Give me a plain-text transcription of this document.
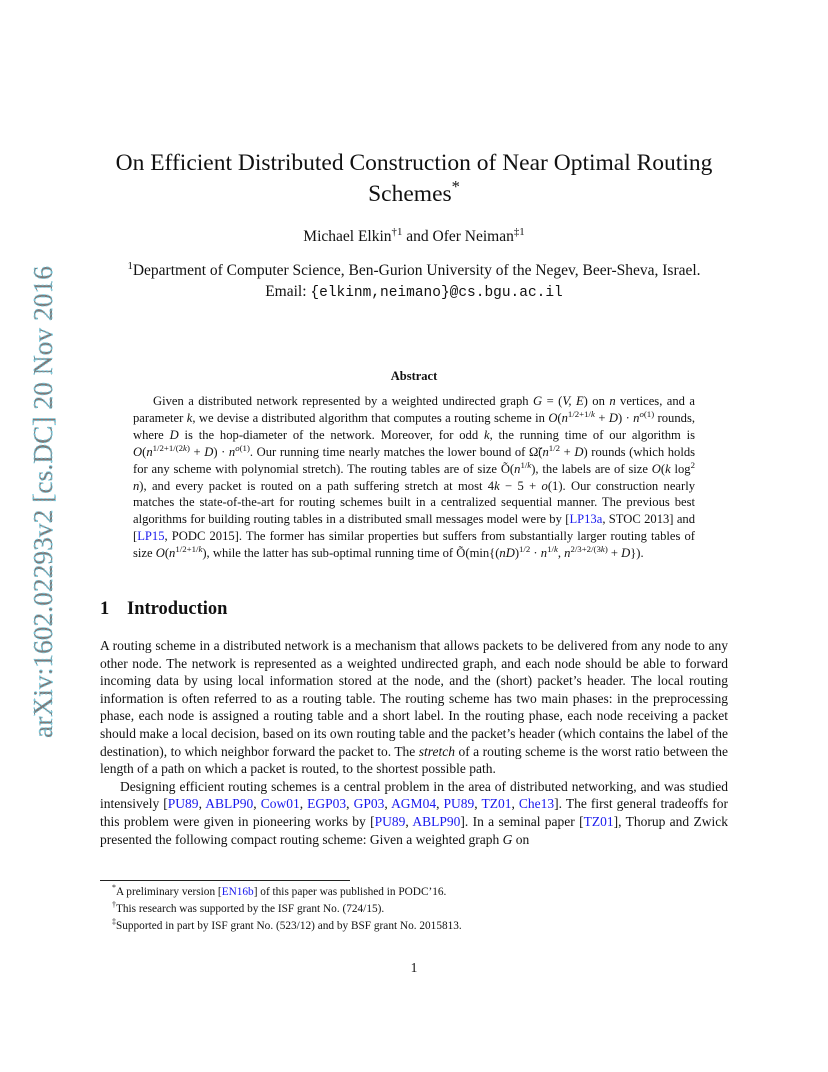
arXiv:1602.02293v2 [cs.DC] 20 Nov 2016
On Efficient Distributed Construction of Near Optimal Routing
Schemes*
Michael Elkin$^{\dagger 1}$ and Ofer Neiman$^{\ddagger 1}$
$^1$Department of Computer Science, Ben-Gurion University of the Negev, Beer-Sheva, Israel.
Email: {elkinm,neimano}@cs.bgu.ac.il
Abstract

Given a distributed network represented by a weighted undirected graph G = (V, E) on n vertices, and a parameter k, we devise a distributed algorithm that computes a routing scheme in $O(n^{1/2+1/k} + D) \cdot n^{o(1)}$ rounds, where D is the hop-diameter of the network. Moreover, for odd k, the running time of our algorithm is $O(n^{1/2+1/(2k)} + D) \cdot n^{o(1)}$. Our running time nearly matches the lower bound of $\Omegã(n^{1/2} + D)$ rounds (which holds for any scheme with polynomial stretch). The routing tables are of size $Õ(n^{1/k})$, the labels are of size O(k $\log^2 n$), and every packet is routed on a path suffering stretch at most 4k − 5 + o(1). Our construction nearly matches the state-of-the-art for routing schemes built in a centralized sequential manner. The previous best algorithms for building routing tables in a distributed small messages model were by [LP13a, STOC 2013] and [LP15, PODC 2015]. The former has similar properties but suffers from substantially larger routing tables of size $O(n^{1/2+1/k})$, while the latter has sub-optimal running time of Õ(min{(nD)$^{1/2}$ · $n^{1/k}$, $n^{2/3+2/(3k)} + D$}).

1 Introduction

A routing scheme in a distributed network is a mechanism that allows packets to be delivered from any node to any other node. The network is represented as a weighted undirected graph, and each node should be able to forward incoming data by using local information stored at the node, and the (short) packet’s header. The local routing information is often referred to as a routing table. The routing scheme has two main phases: in the preprocessing phase, each node is assigned a routing table and a short label. In the routing phase, each node receiving a packet should make a local decision, based on its own routing table and the packet’s header (which contains the label of the destination), to which neighbor forward the packet to. The stretch of a routing scheme is the worst ratio between the length of a path on which a packet is routed, to the shortest possible path.

Designing efficient routing schemes is a central problem in the area of distributed networking, and was studied intensively [PU89, ABLP90, Cow01, EGP03, GP03, AGM04, PU89, TZ01, Che13]. The first general tradeoffs for this problem were given in pioneering works by [PU89, ABLP90]. In a seminal paper [TZ01], Thorup and Zwick presented the following compact routing scheme: Given a weighted graph G on

*A preliminary version [EN16b] of this paper was published in PODC’16.
†This research was supported by the ISF grant No. (724/15).
‡Supported in part by ISF grant No. (523/12) and by BSF grant No. 2015813.
1
